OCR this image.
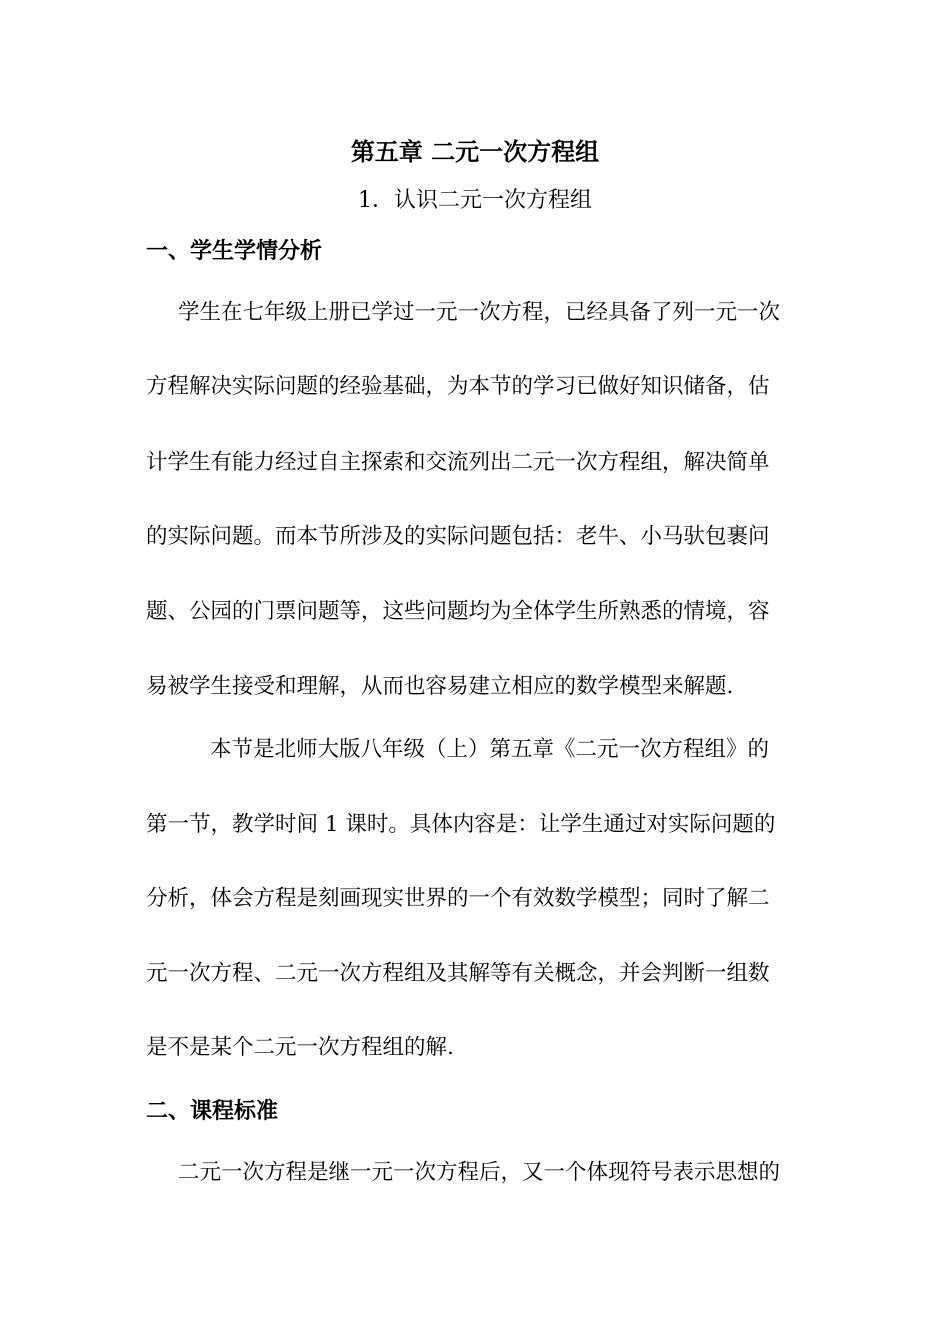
第五章 二元一次方程组
1．认识二元一次方程组
一、学生学情分析
学生在七年级上册已学过一元一次方程，已经具备了列一元一次
方程解决实际问题的经验基础，为本节的学习已做好知识储备，估
计学生有能力经过自主探索和交流列出二元一次方程组，解决简单
的实际问题。而本节所涉及的实际问题包括：老牛、小马驮包裹问
题、公园的门票问题等，这些问题均为全体学生所熟悉的情境，容
易被学生接受和理解，从而也容易建立相应的数学模型来解题.
本节是北师大版八年级（上）第五章《二元一次方程组》的
第一节，教学时间 1 课时。具体内容是：让学生通过对实际问题的
分析，体会方程是刻画现实世界的一个有效数学模型；同时了解二
元一次方程、二元一次方程组及其解等有关概念，并会判断一组数
是不是某个二元一次方程组的解.
二、课程标准
二元一次方程是继一元一次方程后，又一个体现符号表示思想的
